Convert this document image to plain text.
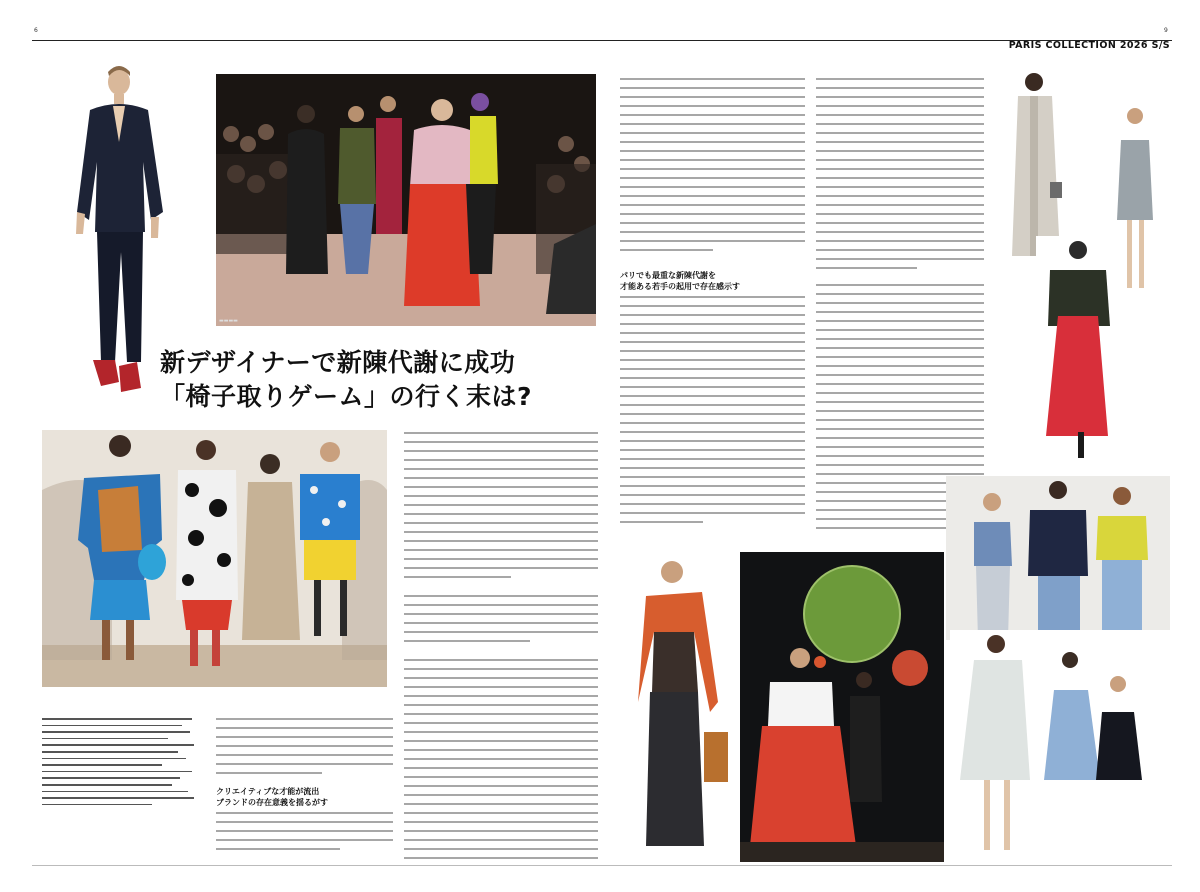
6	9
PARIS COLLECTION 2026 S/S
▬▬▬▬
新デザイナーで新陳代謝に成功
「椅子取りゲーム」の行く末は?
クリエイティブな才能が流出
ブランドの存在意義を揺るがす
パリでも最重な新陳代謝を
才能ある若手の起用で存在感示す
